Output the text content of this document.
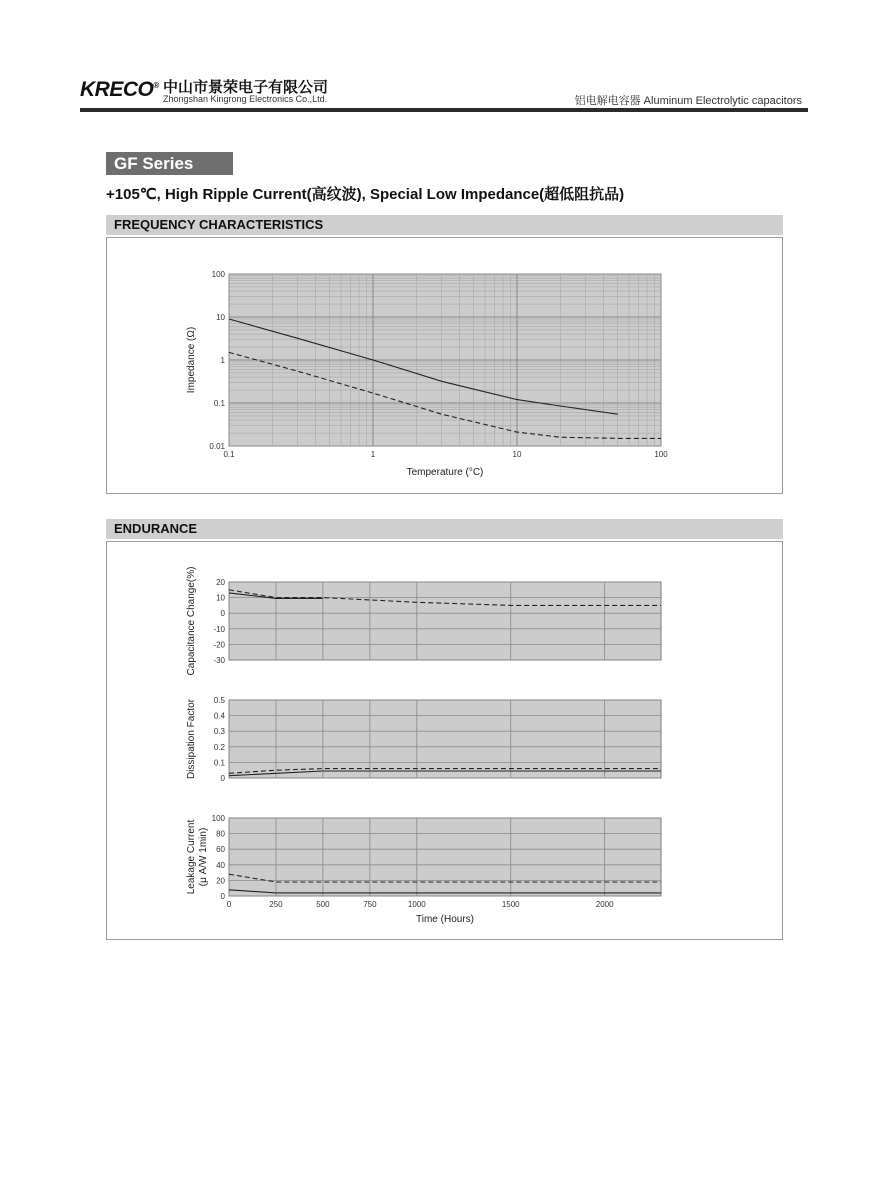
KRECO® 中山市景荣电子有限公司
Zhongshan Kingrong Electronics Co.,Ltd.	铝电解电容器 Aluminum Electrolytic capacitors
GF Series
+105℃, High Ripple Current(高纹波), Special Low Impedance(超低阻抗品)
FREQUENCY CHARACTERISTICS
0.1	1	10	100
0.01
0.1
1
10
100
Temperature (°C)
Impedance (Ω)
ENDURANCE
20
10
0
-10
-20
-30
Capacitance Change(%)
0.5
0.4
0.3
0.2
0.1
0
Dissipation Factor
0	250	500	750	1000	1500	2000
100
80
60
40
20
0
Leakage Current (μ A/W 1min)
Time (Hours)
